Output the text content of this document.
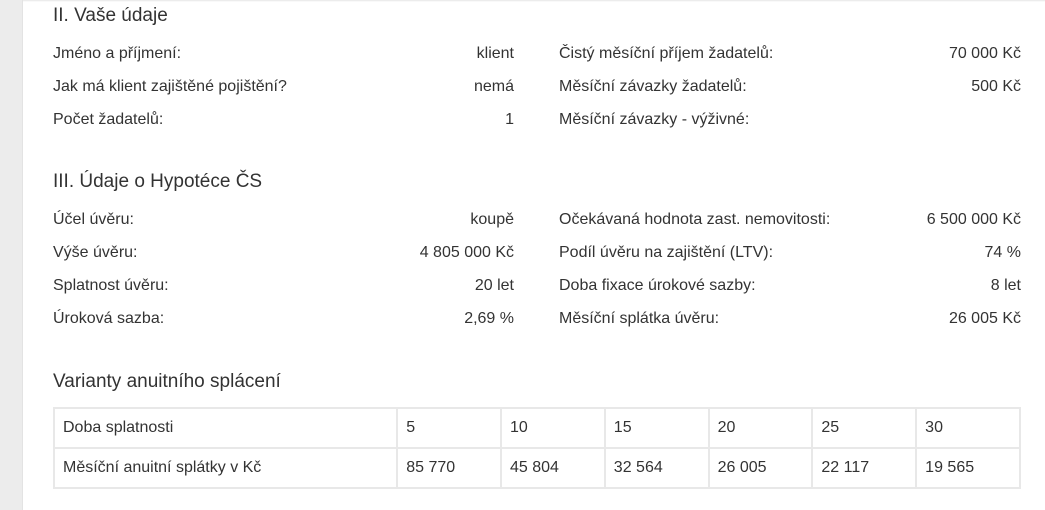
II. Vaše údaje
Jméno a příjmení:	klient
Jak má klient zajištěné pojištění?	nemá
Počet žadatelů:	1
Čistý měsíční příjem žadatelů:	70 000 Kč
Měsíční závazky žadatelů:	500 Kč
Měsíční závazky - výživné:
III. Údaje o Hypotéce ČS
Účel úvěru:	koupě
Výše úvěru:	4 805 000 Kč
Splatnost úvěru:	20 let
Úroková sazba:	2,69 %
Očekávaná hodnota zast. nemovitosti:	6 500 000 Kč
Podíl úvěru na zajištění (LTV):	74 %
Doba fixace úrokové sazby:	8 let
Měsíční splátka úvěru:	26 005 Kč
Varianty anuitního splácení
Doba splatnosti	5	10	15	20	25	30
Měsíční anuitní splátky v Kč	85 770	45 804	32 564	26 005	22 117	19 565
